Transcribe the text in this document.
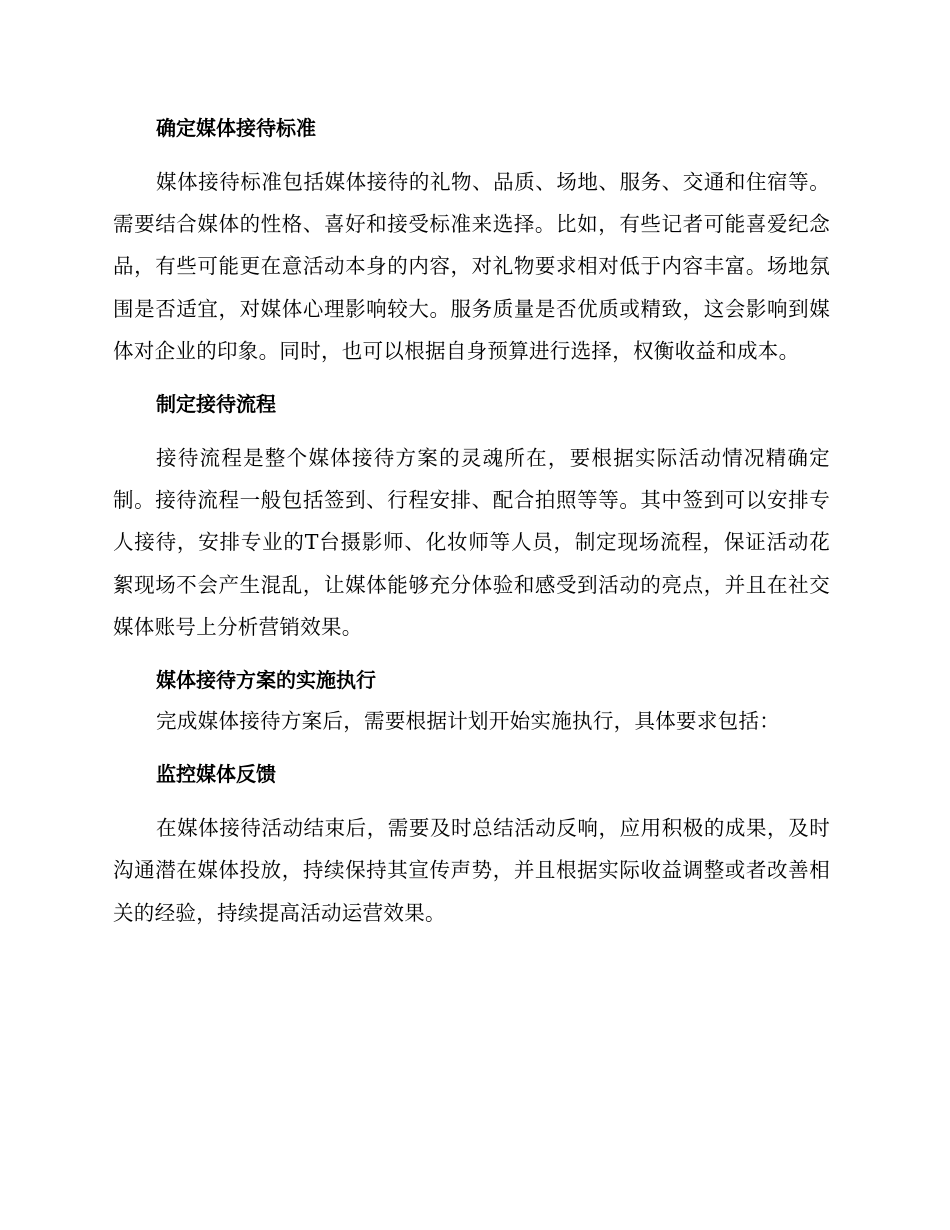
确定媒体接待标准

媒体接待标准包括媒体接待的礼物、品质、场地、服务、交通和住宿等。需要结合媒体的性格、喜好和接受标准来选择。比如，有些记者可能喜爱纪念品，有些可能更在意活动本身的内容，对礼物要求相对低于内容丰富。场地氛围是否适宜，对媒体心理影响较大。服务质量是否优质或精致，这会影响到媒体对企业的印象。同时，也可以根据自身预算进行选择，权衡收益和成本。

制定接待流程

接待流程是整个媒体接待方案的灵魂所在，要根据实际活动情况精确定制。接待流程一般包括签到、行程安排、配合拍照等等。其中签到可以安排专人接待，安排专业的T台摄影师、化妆师等人员，制定现场流程，保证活动花絮现场不会产生混乱，让媒体能够充分体验和感受到活动的亮点，并且在社交媒体账号上分析营销效果。

媒体接待方案的实施执行

完成媒体接待方案后，需要根据计划开始实施执行，具体要求包括：

监控媒体反馈

在媒体接待活动结束后，需要及时总结活动反响，应用积极的成果，及时沟通潜在媒体投放，持续保持其宣传声势，并且根据实际收益调整或者改善相关的经验，持续提高活动运营效果。
